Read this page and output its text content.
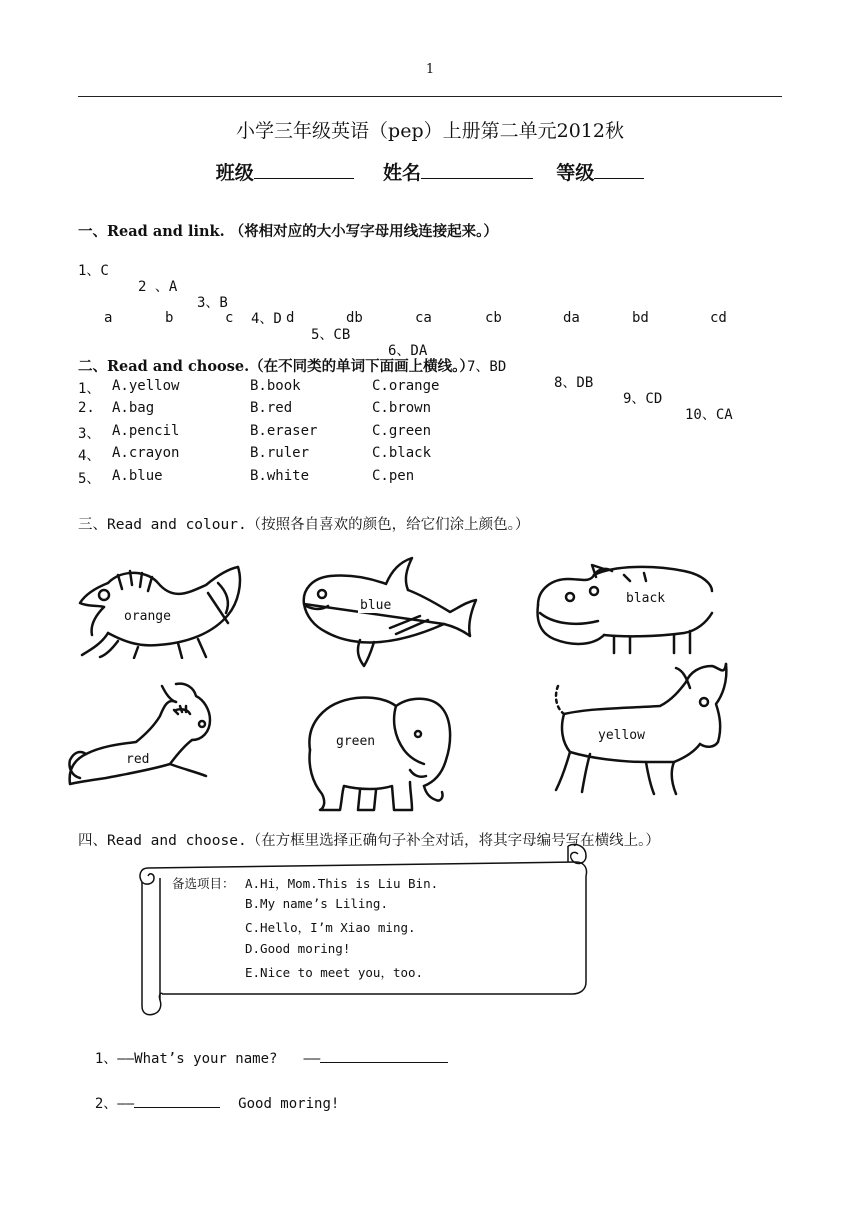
1
小学三年级英语（pep）上册第二单元2012秋
班级	姓名	等级
一、Read and link. （将相对应的大小写字母用线连接起来。）

1、C

2 、A

3、B

4、D

5、CB

6、DA

7、BD

8、DB

9、CD

10、CA

a	b	c	d	db	ca	cb	da	bd	cd
二、Read and choose.（在不同类的单词下面画上横线。）
1、 A.yellow	B.book	C.orange
2. A.bag	B.red	C.brown
3、 A.pencil	B.eraser	C.green
4、 A.crayon	B.ruler	C.black
5、 A.blue	B.white	C.pen
三、Read and colour.（按照各自喜欢的颜色，给它们涂上颜色。）
orange
blue	black
red
green	yellow
四、Read and choose.（在方框里选择正确句子补全对话，将其字母编号写在横线上。）
备选项目： A.Hi，Mom.This is Liu Bin.
B.My name’s Liling.
C.Hello，I’m Xiao ming.
D.Good moring!
E.Nice to meet you，too.

1、——What’s your name? ——

2、——	Good moring!
